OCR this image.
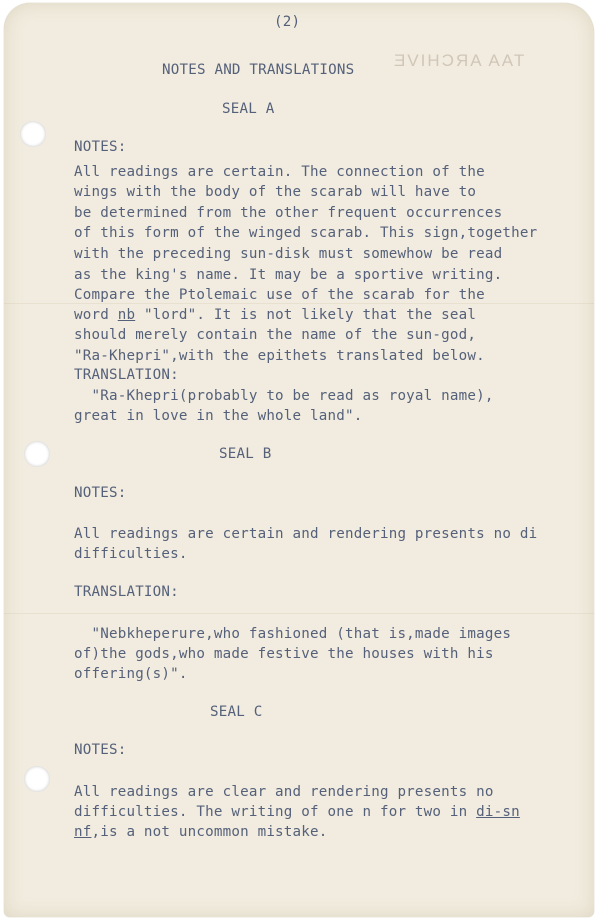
TAA ARCHIVE
(2)
NOTES AND TRANSLATIONS
SEAL A
NOTES:
All readings are certain. The connection of the
wings with the body of the scarab will have to
be determined from the other frequent occurrences
of this form of the winged scarab. This sign,together
with the preceding sun-disk must somewhow be read
as the king's name. It may be a sportive writing.
Compare the Ptolemaic use of the scarab for the
word nb "lord". It is not likely that the seal
should merely contain the name of the sun-god,
"Ra-Khepri",with the epithets translated below.
TRANSLATION:
"Ra-Khepri(probably to be read as royal name),
great in love in the whole land".
SEAL B
NOTES:
All readings are certain and rendering presents no di
difficulties.
TRANSLATION:
"Nebkheperure,who fashioned (that is,made images
of)the gods,who made festive the houses with his
offering(s)".
SEAL C
NOTES:
All readings are clear and rendering presents no
difficulties. The writing of one n for two in di-sn
nf,is a not uncommon mistake.
